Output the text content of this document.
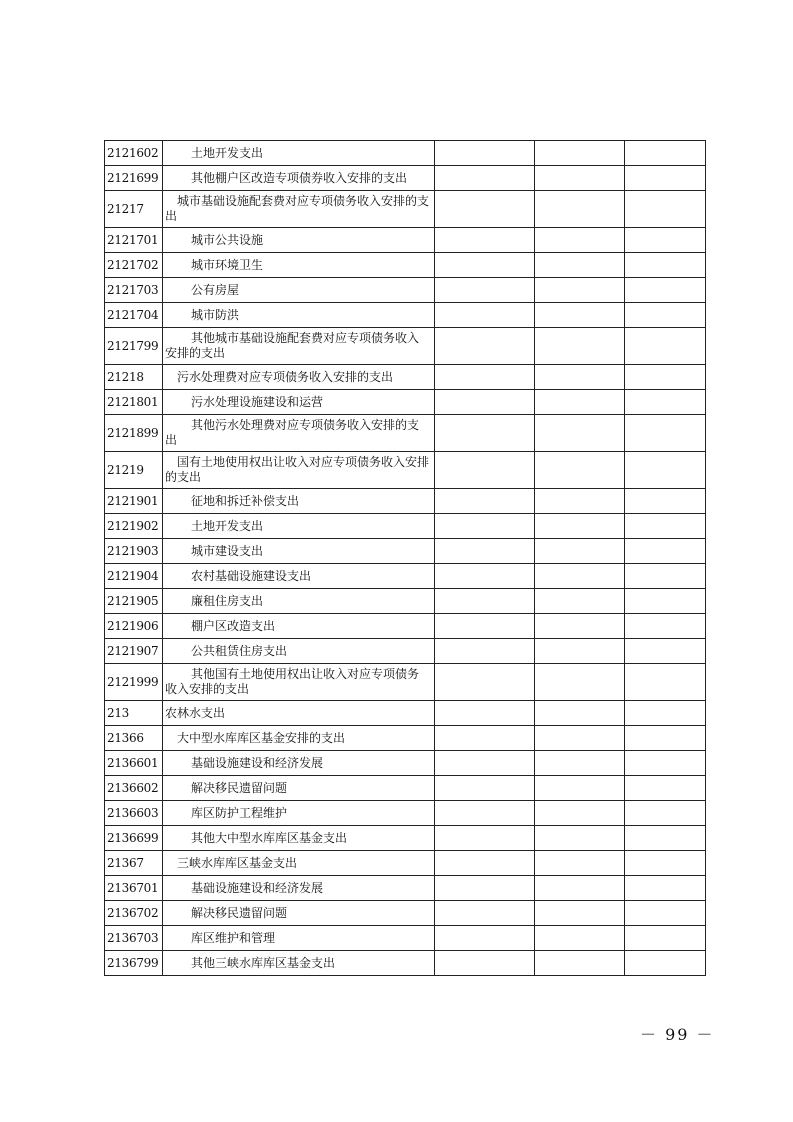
2121602	土地开发支出			

2121699	其他棚户区改造专项债券收入安排的支出			

21217	城市基础设施配套费对应专项债务收入安排的支出			

2121701	城市公共设施			

2121702	城市环境卫生			

2121703	公有房屋			

2121704	城市防洪			

2121799	其他城市基础设施配套费对应专项债务收入安排的支出			

21218	污水处理费对应专项债务收入安排的支出			

2121801	污水处理设施建设和运营			

2121899	其他污水处理费对应专项债务收入安排的支出			

21219	国有土地使用权出让收入对应专项债务收入安排的支出			

2121901	征地和拆迁补偿支出			

2121902	土地开发支出			

2121903	城市建设支出			

2121904	农村基础设施建设支出			

2121905	廉租住房支出			

2121906	棚户区改造支出			

2121907	公共租赁住房支出			

2121999	其他国有土地使用权出让收入对应专项债务收入安排的支出			

213	农林水支出			

21366	大中型水库库区基金安排的支出			

2136601	基础设施建设和经济发展			

2136602	解决移民遗留问题			

2136603	库区防护工程维护			

2136699	其他大中型水库库区基金支出			

21367	三峡水库库区基金支出			

2136701	基础设施建设和经济发展			

2136702	解决移民遗留问题			

2136703	库区维护和管理			

2136799	其他三峡水库库区基金支出			

－ 99 －
